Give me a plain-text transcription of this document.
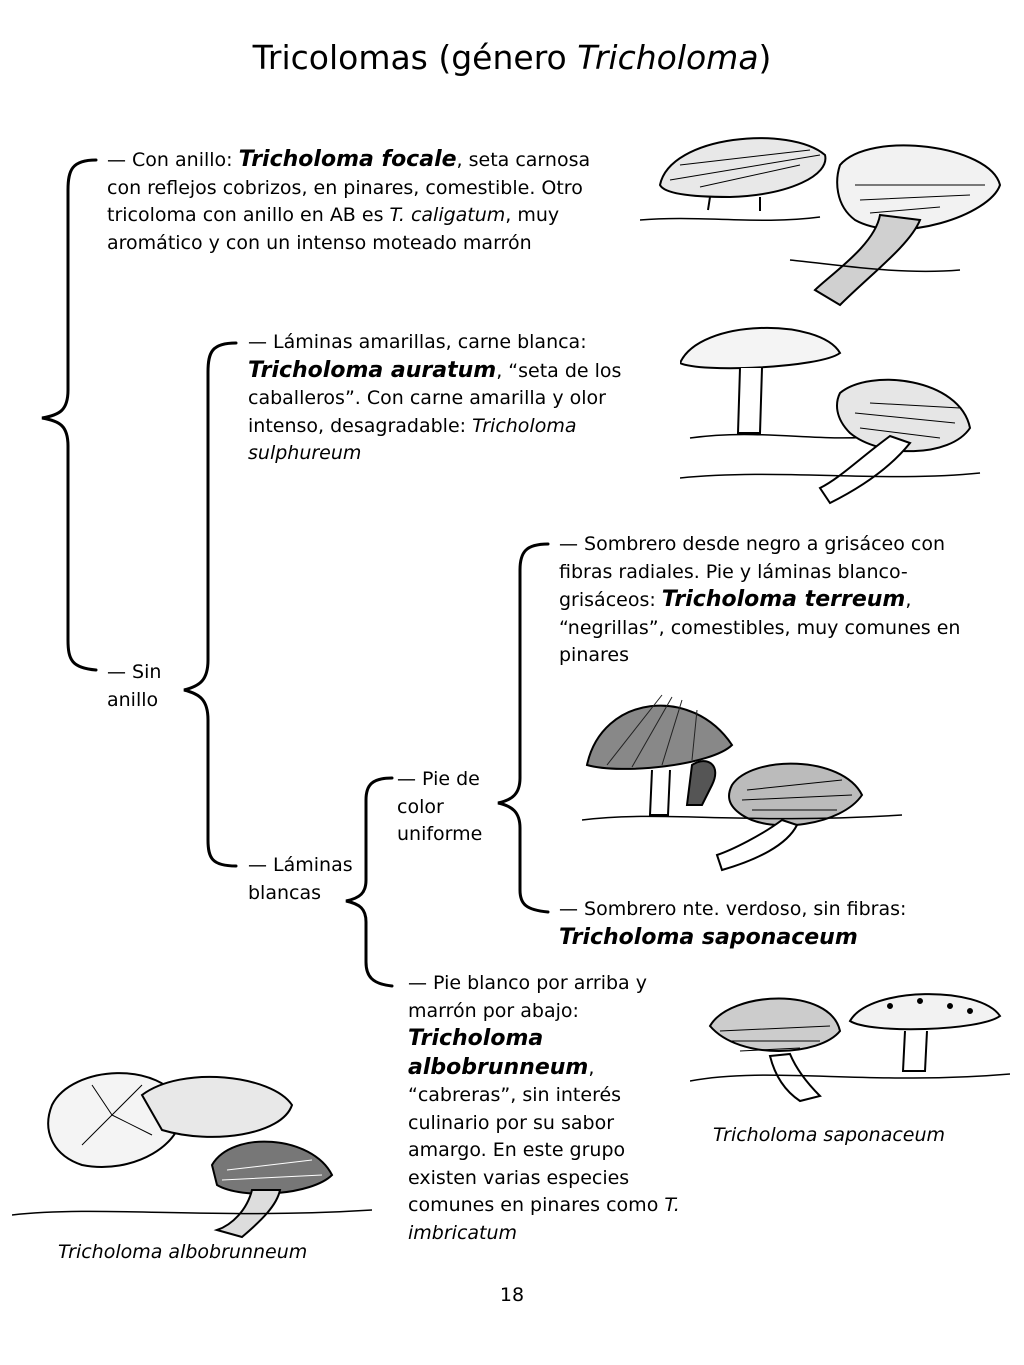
Tricolomas (género Tricholoma)
— Con anillo: Tricholoma focale, seta carnosa con reflejos cobrizos, en pinares, comestible. Otro tricoloma con anillo en AB es T. caligatum, muy aromático y con un intenso moteado marrón
— Sin anillo
— Láminas amarillas, carne blanca: Tricholoma auratum, “seta de los caballeros”. Con carne amarilla y olor intenso, desagradable: Tricholoma sulphureum
— Láminas blancas
— Pie de color uniforme
— Sombrero desde negro a grisáceo con fibras radiales. Pie y láminas blanco-grisáceos: Tricholoma terreum, “negrillas”, comestibles, muy comunes en pinares
— Sombrero nte. verdoso, sin fibras:
Tricholoma saponaceum
— Pie blanco por arriba y marrón por abajo: Tricholoma albobrunneum, “cabreras”, sin interés culinario por su sabor amargo. En este grupo existen varias especies comunes en pinares como T. imbricatum
Tricholoma saponaceum
Tricholoma albobrunneum
18
